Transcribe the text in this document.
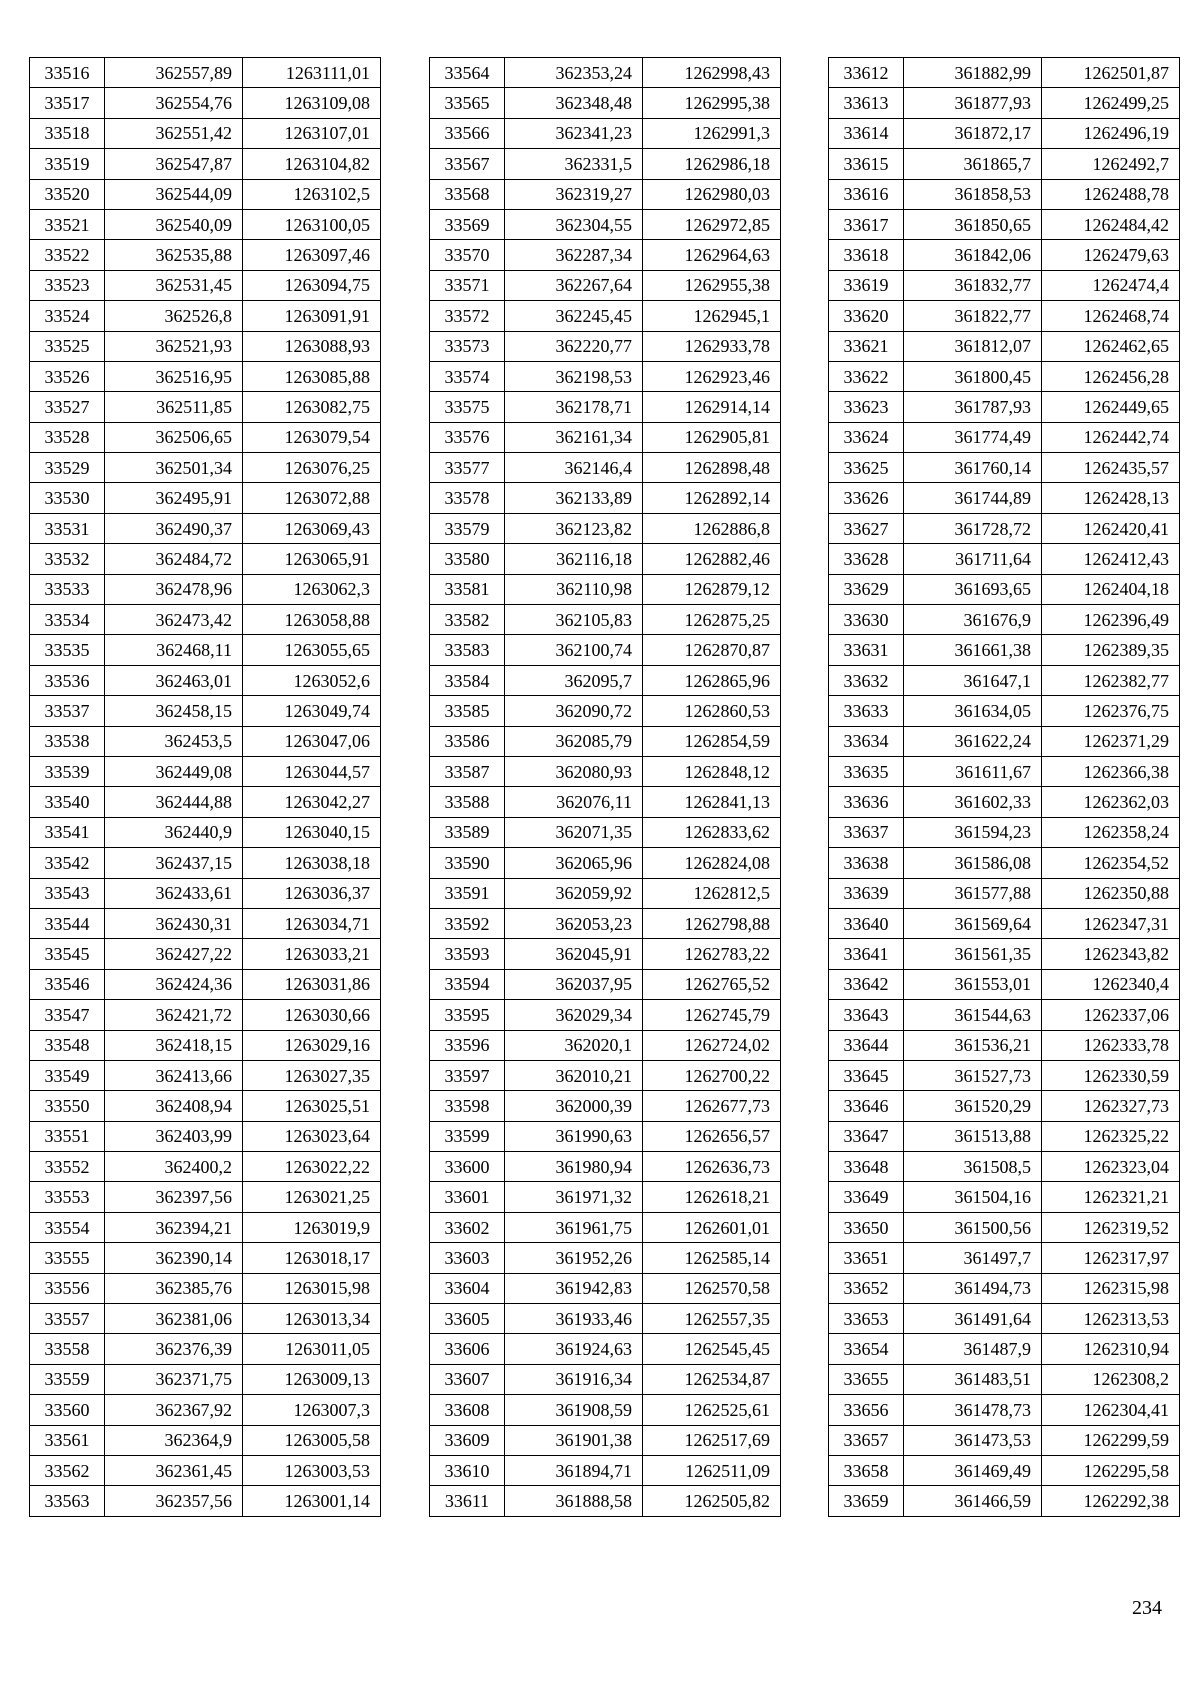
33516	362557,89	1263111,01
33517	362554,76	1263109,08
33518	362551,42	1263107,01
33519	362547,87	1263104,82
33520	362544,09	1263102,5
33521	362540,09	1263100,05
33522	362535,88	1263097,46
33523	362531,45	1263094,75
33524	362526,8	1263091,91
33525	362521,93	1263088,93
33526	362516,95	1263085,88
33527	362511,85	1263082,75
33528	362506,65	1263079,54
33529	362501,34	1263076,25
33530	362495,91	1263072,88
33531	362490,37	1263069,43
33532	362484,72	1263065,91
33533	362478,96	1263062,3
33534	362473,42	1263058,88
33535	362468,11	1263055,65
33536	362463,01	1263052,6
33537	362458,15	1263049,74
33538	362453,5	1263047,06
33539	362449,08	1263044,57
33540	362444,88	1263042,27
33541	362440,9	1263040,15
33542	362437,15	1263038,18
33543	362433,61	1263036,37
33544	362430,31	1263034,71
33545	362427,22	1263033,21
33546	362424,36	1263031,86
33547	362421,72	1263030,66
33548	362418,15	1263029,16
33549	362413,66	1263027,35
33550	362408,94	1263025,51
33551	362403,99	1263023,64
33552	362400,2	1263022,22
33553	362397,56	1263021,25
33554	362394,21	1263019,9
33555	362390,14	1263018,17
33556	362385,76	1263015,98
33557	362381,06	1263013,34
33558	362376,39	1263011,05
33559	362371,75	1263009,13
33560	362367,92	1263007,3
33561	362364,9	1263005,58
33562	362361,45	1263003,53
33563	362357,56	1263001,14
33564	362353,24	1262998,43
33565	362348,48	1262995,38
33566	362341,23	1262991,3
33567	362331,5	1262986,18
33568	362319,27	1262980,03
33569	362304,55	1262972,85
33570	362287,34	1262964,63
33571	362267,64	1262955,38
33572	362245,45	1262945,1
33573	362220,77	1262933,78
33574	362198,53	1262923,46
33575	362178,71	1262914,14
33576	362161,34	1262905,81
33577	362146,4	1262898,48
33578	362133,89	1262892,14
33579	362123,82	1262886,8
33580	362116,18	1262882,46
33581	362110,98	1262879,12
33582	362105,83	1262875,25
33583	362100,74	1262870,87
33584	362095,7	1262865,96
33585	362090,72	1262860,53
33586	362085,79	1262854,59
33587	362080,93	1262848,12
33588	362076,11	1262841,13
33589	362071,35	1262833,62
33590	362065,96	1262824,08
33591	362059,92	1262812,5
33592	362053,23	1262798,88
33593	362045,91	1262783,22
33594	362037,95	1262765,52
33595	362029,34	1262745,79
33596	362020,1	1262724,02
33597	362010,21	1262700,22
33598	362000,39	1262677,73
33599	361990,63	1262656,57
33600	361980,94	1262636,73
33601	361971,32	1262618,21
33602	361961,75	1262601,01
33603	361952,26	1262585,14
33604	361942,83	1262570,58
33605	361933,46	1262557,35
33606	361924,63	1262545,45
33607	361916,34	1262534,87
33608	361908,59	1262525,61
33609	361901,38	1262517,69
33610	361894,71	1262511,09
33611	361888,58	1262505,82
33612	361882,99	1262501,87
33613	361877,93	1262499,25
33614	361872,17	1262496,19
33615	361865,7	1262492,7
33616	361858,53	1262488,78
33617	361850,65	1262484,42
33618	361842,06	1262479,63
33619	361832,77	1262474,4
33620	361822,77	1262468,74
33621	361812,07	1262462,65
33622	361800,45	1262456,28
33623	361787,93	1262449,65
33624	361774,49	1262442,74
33625	361760,14	1262435,57
33626	361744,89	1262428,13
33627	361728,72	1262420,41
33628	361711,64	1262412,43
33629	361693,65	1262404,18
33630	361676,9	1262396,49
33631	361661,38	1262389,35
33632	361647,1	1262382,77
33633	361634,05	1262376,75
33634	361622,24	1262371,29
33635	361611,67	1262366,38
33636	361602,33	1262362,03
33637	361594,23	1262358,24
33638	361586,08	1262354,52
33639	361577,88	1262350,88
33640	361569,64	1262347,31
33641	361561,35	1262343,82
33642	361553,01	1262340,4
33643	361544,63	1262337,06
33644	361536,21	1262333,78
33645	361527,73	1262330,59
33646	361520,29	1262327,73
33647	361513,88	1262325,22
33648	361508,5	1262323,04
33649	361504,16	1262321,21
33650	361500,56	1262319,52
33651	361497,7	1262317,97
33652	361494,73	1262315,98
33653	361491,64	1262313,53
33654	361487,9	1262310,94
33655	361483,51	1262308,2
33656	361478,73	1262304,41
33657	361473,53	1262299,59
33658	361469,49	1262295,58
33659	361466,59	1262292,38
234
